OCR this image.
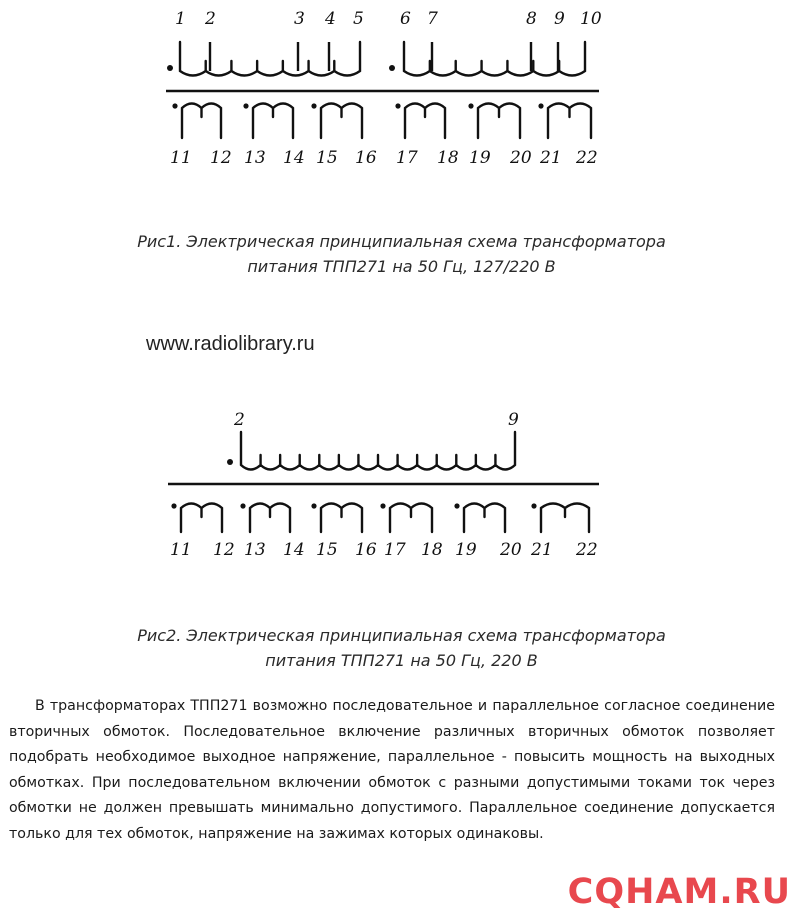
1 2	3 4 5 6 7	8 9 10
11 12 13 14 15 16 17 18 19 20 21 22
Рис1. Электрическая принципиальная схема трансформатора
питания ТПП271 на 50 Гц, 127/220 В
www.radiolibrary.ru
2	9
11 12 13 14 15 16 17 18 19 20 21 22
Рис2. Электрическая принципиальная схема трансформатора
питания ТПП271 на 50 Гц, 220 В

В трансформаторах ТПП271 возможно последовательное и параллельное согласное соединение вторичных обмоток. Последовательное включение различных вторичных обмоток позволяет подобрать необходимое выходное напряжение, параллельное - повысить мощность на выходных обмотках. При последовательном включении обмоток с разными допустимыми токами ток через обмотки не должен превышать минимально допустимого. Параллельное соединение допускается только для тех обмоток, напряжение на зажимах которых одинаковы.

CQHAM.RU
